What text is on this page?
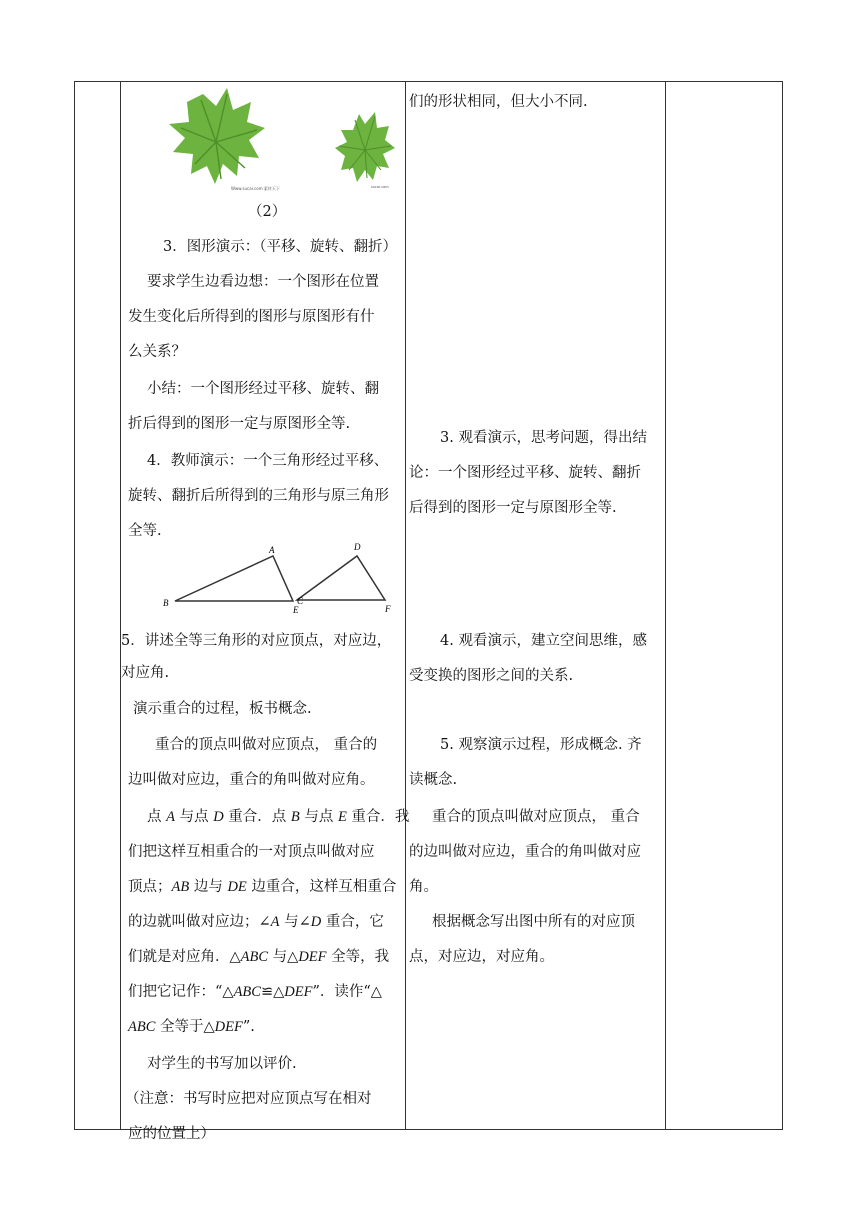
Www.sucai.com 素材天下	sucai.com
（2）
3．图形演示：（平移、旋转、翻折）
要求学生边看边想：一个图形在位置
发生变化后所得到的图形与原图形有什
么关系？
小结：一个图形经过平移、旋转、翻
折后得到的图形一定与原图形全等.
4．教师演示：一个三角形经过平移、
旋转、翻折后所得到的三角形与原三角形
全等.
A
B	C
D
E	F
5．讲述全等三角形的对应顶点，对应边，
对应角.
演示重合的过程，板书概念.
重合的顶点叫做对应顶点， 重合的
边叫做对应边，重合的角叫做对应角。
点 A 与点 D 重合．点 B 与点 E 重合．我
们把这样互相重合的一对顶点叫做对应
顶点；AB 边与 DE 边重合，这样互相重合
的边就叫做对应边；∠A 与∠D 重合，它
们就是对应角．△ABC 与△DEF 全等，我
们把它记作：“△ABC≌△DEF”．读作“△
ABC 全等于△DEF”.
对学生的书写加以评价.
（注意：书写时应把对应顶点写在相对
应的位置上）
们的形状相同，但大小不同.
3. 观看演示，思考问题，得出结
论：一个图形经过平移、旋转、翻折
后得到的图形一定与原图形全等.
4. 观看演示，建立空间思维，感
受变换的图形之间的关系.
5. 观察演示过程，形成概念. 齐
读概念.
重合的顶点叫做对应顶点， 重合
的边叫做对应边，重合的角叫做对应
角。
根据概念写出图中所有的对应顶
点，对应边，对应角。
